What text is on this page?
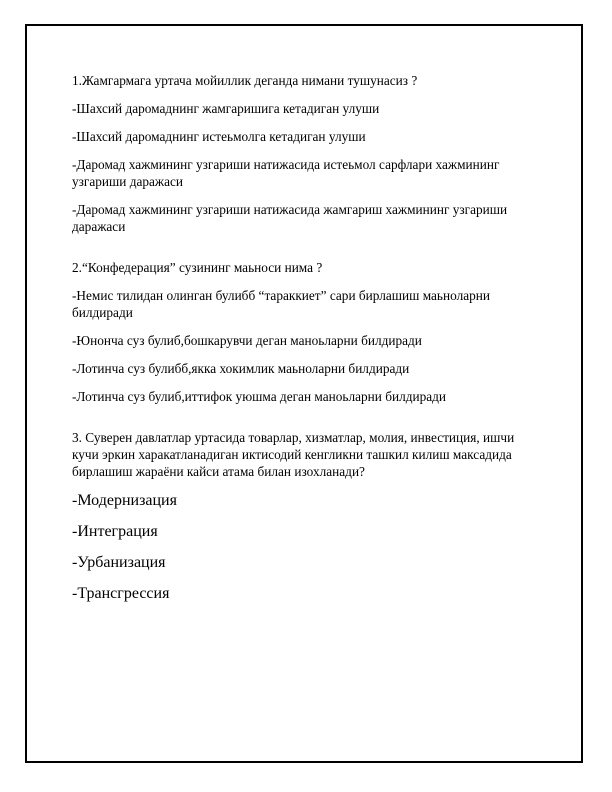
1.Жамгармага уртача мойиллик деганда нимани тушунасиз ?

-Шахсий даромаднинг жамгаришига кетадиган улуши

-Шахсий даромаднинг истеьмолга кетадиган улуши

-Даромад хажмининг узгариши натижасида истеьмол сарфлари хажмининг узгариши даражаси

-Даромад хажмининг узгариши натижасида жамгариш хажмининг узгариши даражаси

2.“Конфедерация” сузининг маьноси нима ?

-Немис тилидан олинган булибб “тараккиет” сари бирлашиш маьноларни билдиради

-Юнонча суз булиб,бошкарувчи деган маноьларни билдиради

-Лотинча суз булибб,якка хокимлик маьноларни билдиради

-Лотинча суз булиб,иттифок уюшма деган маноьларни билдиради

3. Суверен давлатлар уртасида товарлар, хизматлар, молия, инвестиция, ишчи кучи эркин харакатланадиган иктисодий кенгликни ташкил килиш максадида бирлашиш жараёни кайси атама билан изохланади?

-Модернизация

-Интеграция

-Урбанизация

-Трансгрессия
